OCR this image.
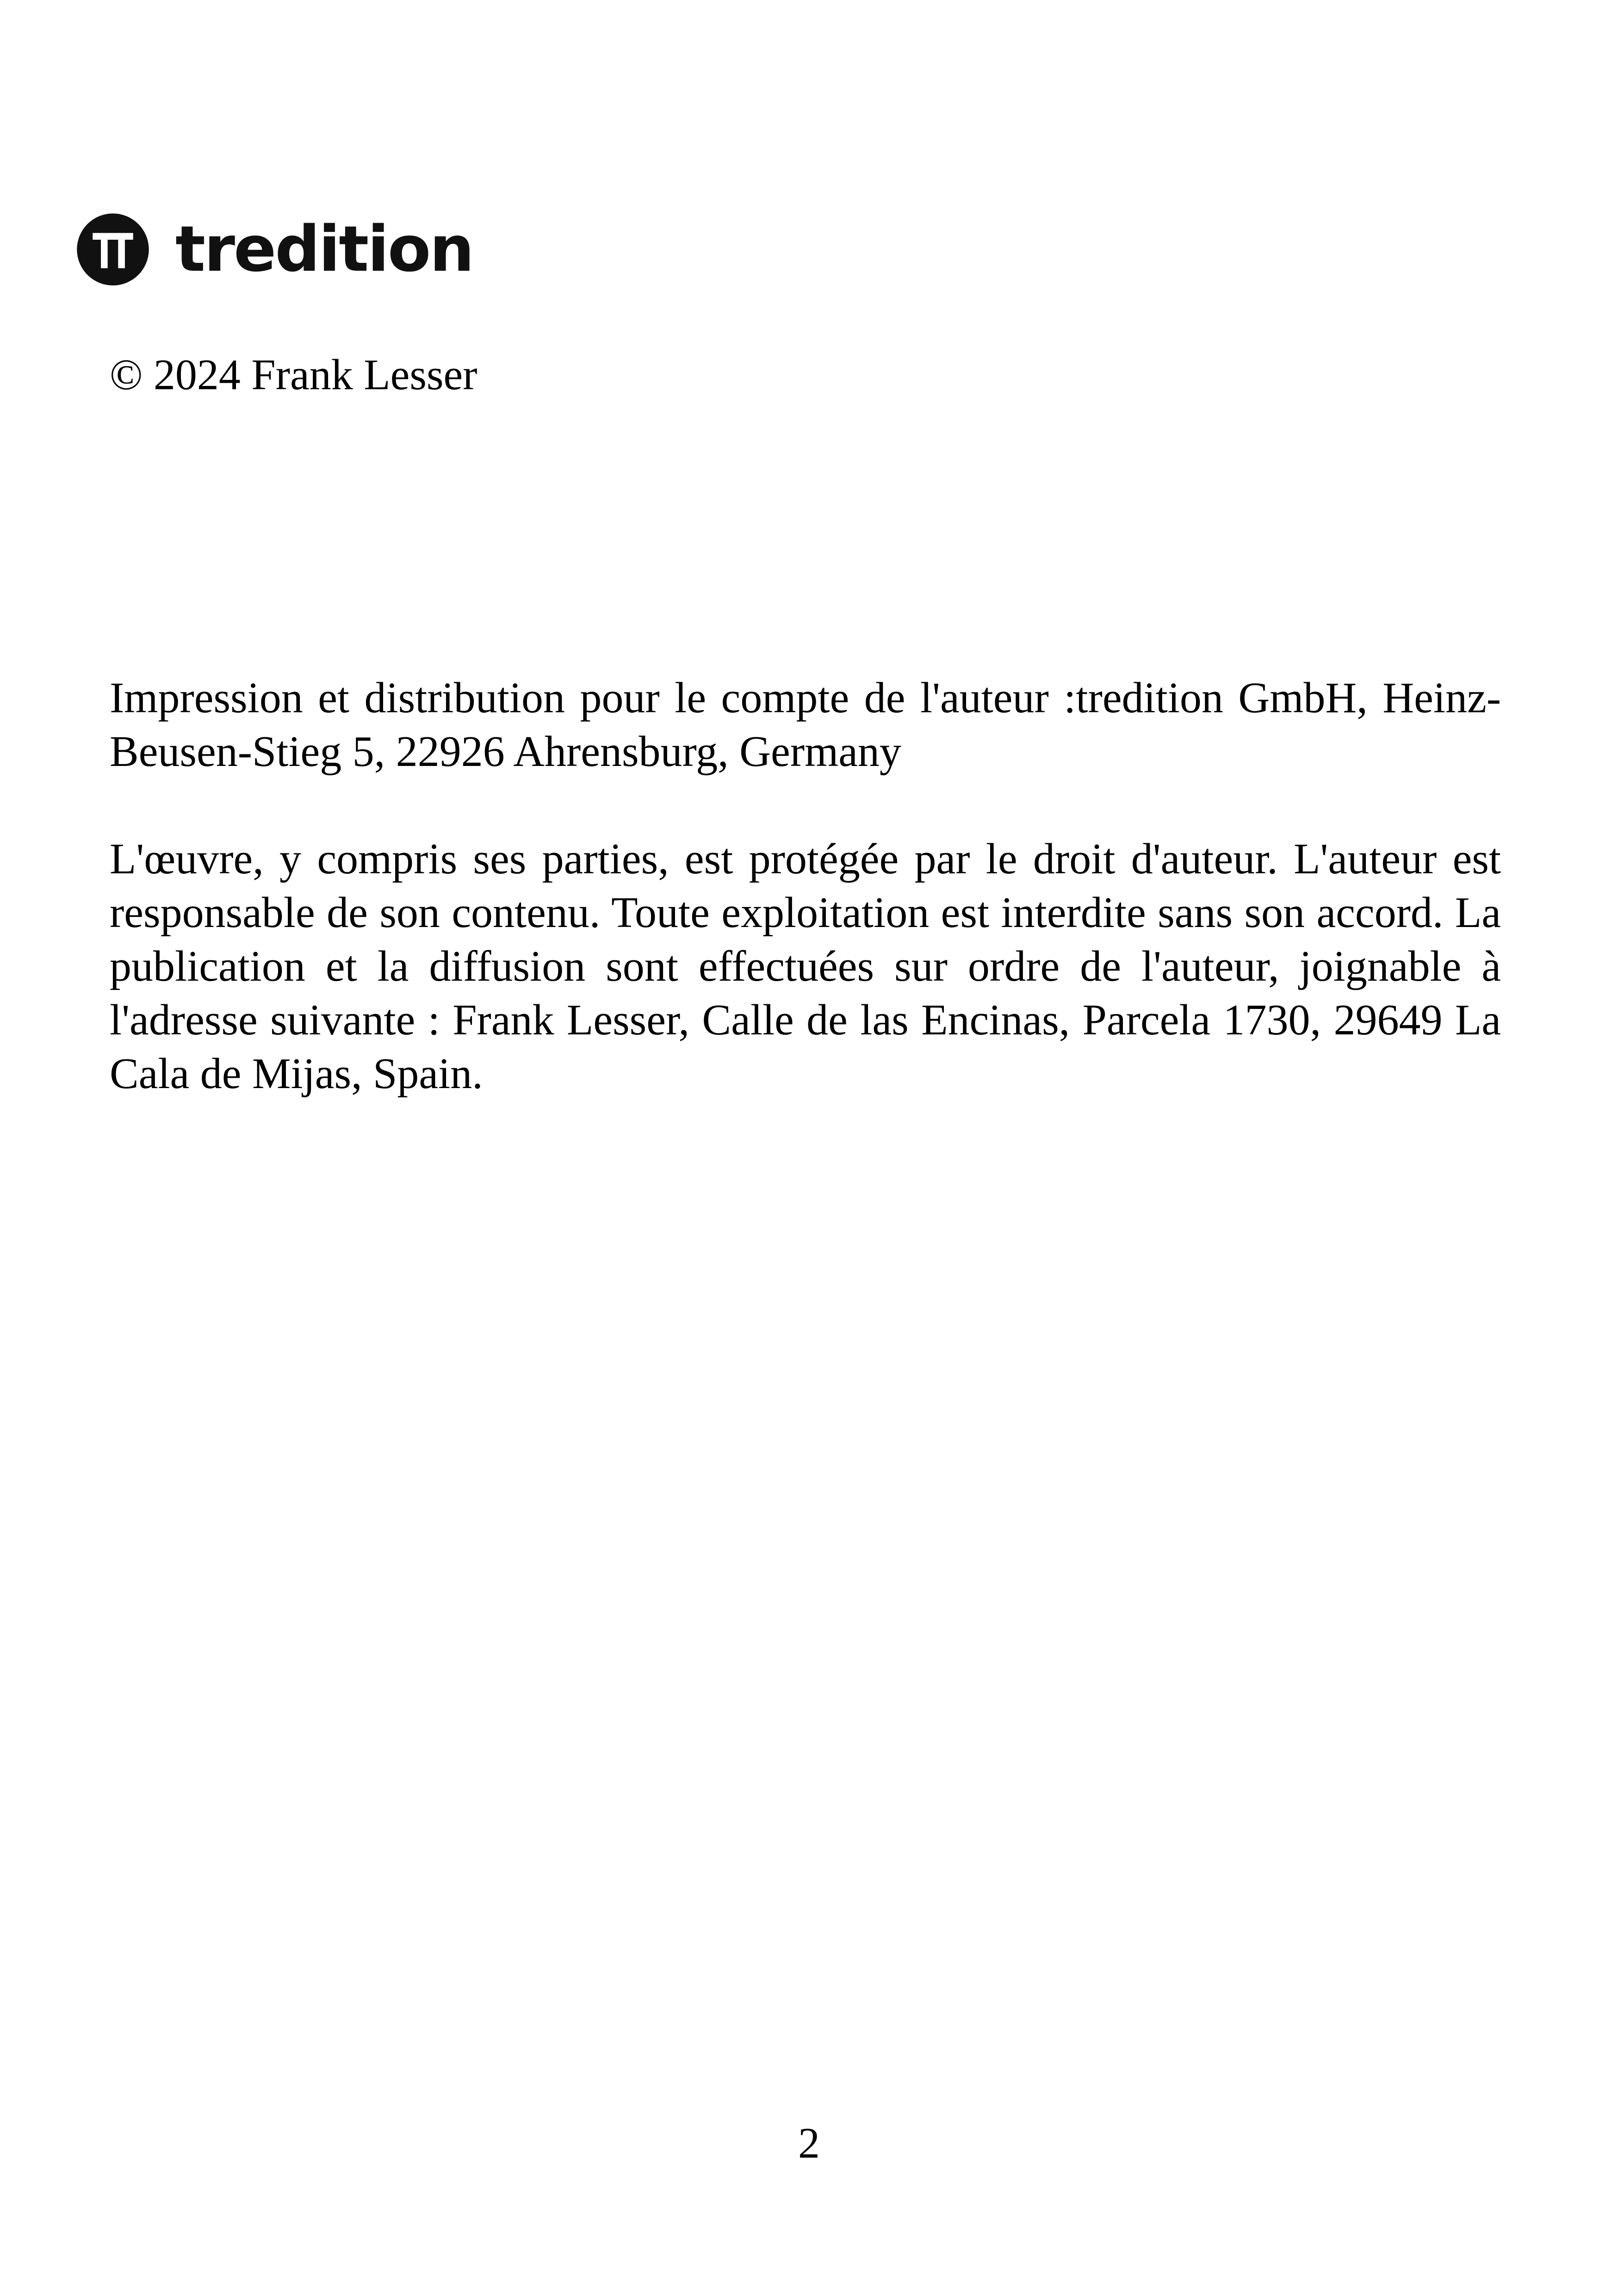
tredition
© 2024 Frank Lesser

Impression et distribution pour le compte de l'auteur :tredition GmbH, Heinz-Beusen-Stieg 5, 22926 Ahrensburg, Germany

L'œuvre, y compris ses parties, est protégée par le droit d'auteur. L'auteur est responsable de son contenu. Toute exploitation est interdite sans son accord. La publication et la diffusion sont effectuées sur ordre de l'auteur, joignable à l'adresse suivante : Frank Lesser, Calle de las Encinas, Parcela 1730, 29649 La Cala de Mijas, Spain.

2
